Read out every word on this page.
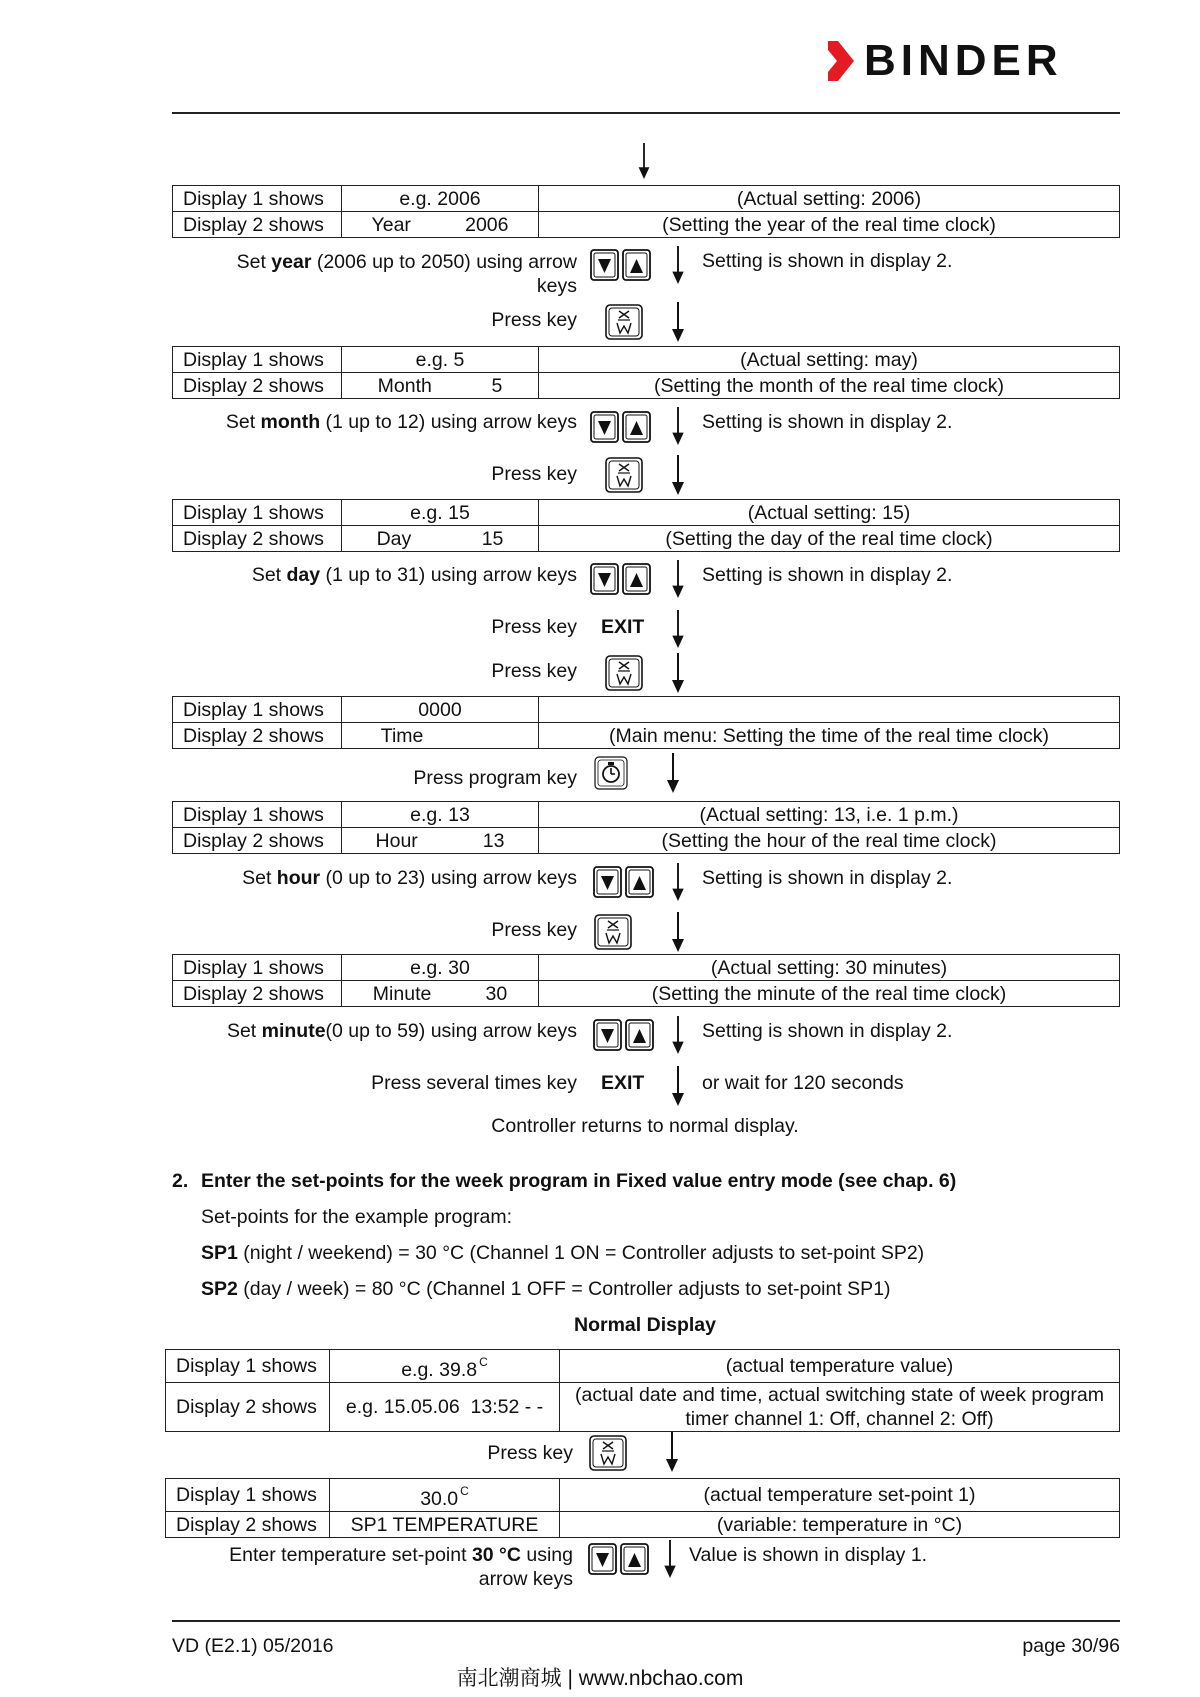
BINDER
Display 1 shows	e.g. 2006	(Actual setting: 2006)
Display 2 shows	Year          2006	(Setting the year of the real time clock)
Set year (2006 up to 2050) using arrow
keys
Setting is shown in display 2.
Press key
Display 1 shows	e.g. 5	(Actual setting: may)
Display 2 shows	Month           5	(Setting the month of the real time clock)
Set month (1 up to 12) using arrow keys	Setting is shown in display 2.
Press key
Display 1 shows	e.g. 15	(Actual setting: 15)
Display 2 shows	Day             15	(Setting the day of the real time clock)
Set day (1 up to 31) using arrow keys	Setting is shown in display 2.
Press key EXIT
Press key
Display 1 shows	0000	
Display 2 shows	Time	(Main menu: Setting the time of the real time clock)
Press program key
Display 1 shows	e.g. 13	(Actual setting: 13, i.e. 1 p.m.)
Display 2 shows	Hour            13	(Setting the hour of the real time clock)
Set hour (0 up to 23) using arrow keys	Setting is shown in display 2.
Press key
Display 1 shows	e.g. 30	(Actual setting: 30 minutes)
Display 2 shows	Minute          30	(Setting the minute of the real time clock)
Set minute(0 up to 59) using arrow keys	Setting is shown in display 2.
Press several times key EXIT	or wait for 120 seconds
Controller returns to normal display.
2. Enter the set-points for the week program in Fixed value entry mode (see chap. 6)
Set-points for the example program:
SP1 (night / weekend) = 30 °C (Channel 1 ON = Controller adjusts to set-point SP2)
SP2 (day / week) = 80 °C (Channel 1 OFF = Controller adjusts to set-point SP1)
Normal Display
Display 1 shows	e.g. 39.8 $^C$	(actual temperature value)
Display 2 shows	e.g. 15.05.06  13:52 - -	(actual date and time, actual switching state of week program timer channel 1: Off, channel 2: Off)
Press key
Display 1 shows	30.0 $^C$	(actual temperature set-point 1)
Display 2 shows	SP1 TEMPERATURE	(variable: temperature in °C)
Enter temperature set-point 30 °C using
arrow keys
Value is shown in display 1.
VD (E2.1) 05/2016	page 30/96
南北潮商城 | www.nbchao.com
